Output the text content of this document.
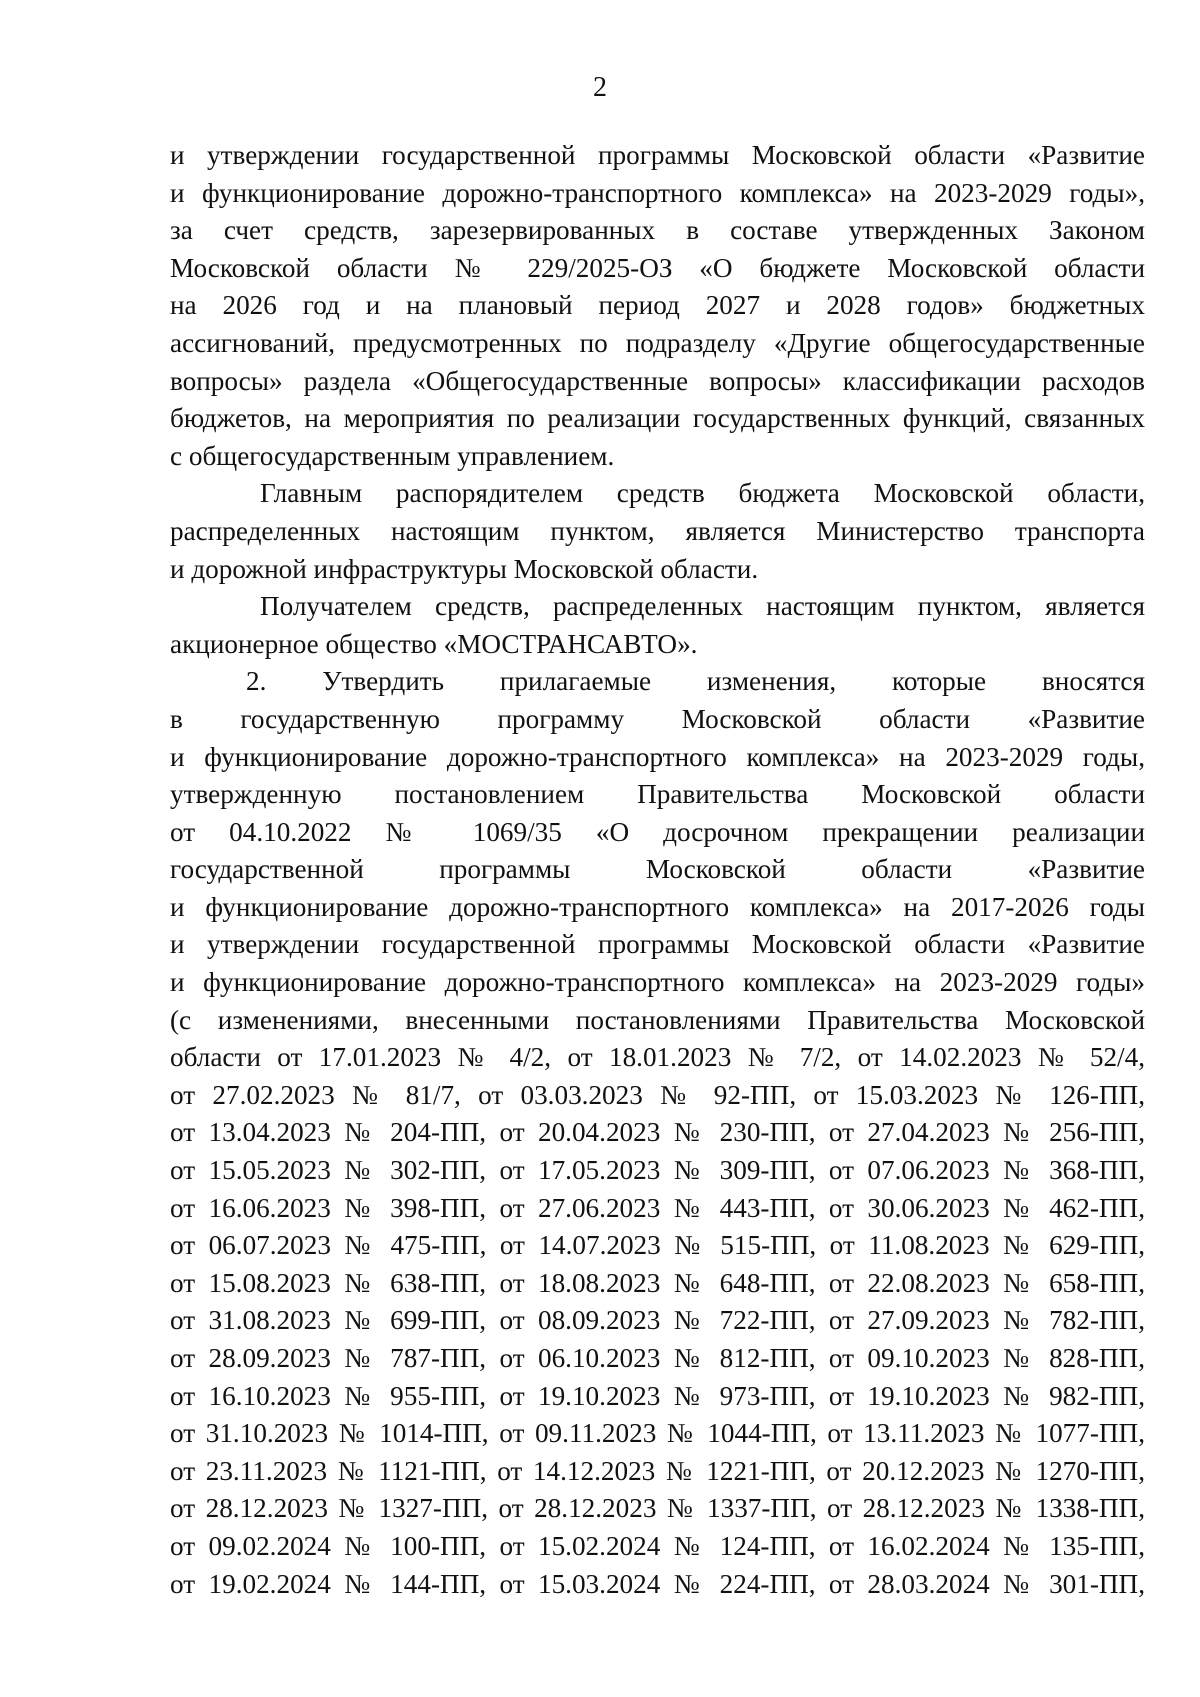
2
и утверждении государственной программы Московской области «Развитие
и функционирование дорожно-транспортного комплекса» на 2023-2029 годы»,
за счет средств, зарезервированных в составе утвержденных Законом
Московской области № 229/2025-ОЗ «О бюджете Московской области
на 2026 год и на плановый период 2027 и 2028 годов» бюджетных
ассигнований, предусмотренных по подразделу «Другие общегосударственные
вопросы» раздела «Общегосударственные вопросы» классификации расходов
бюджетов, на мероприятия по реализации государственных функций, связанных
с общегосударственным управлением.
Главным распорядителем средств бюджета Московской области,
распределенных настоящим пунктом, является Министерство транспорта
и дорожной инфраструктуры Московской области.
Получателем средств, распределенных настоящим пунктом, является
акционерное общество «МОСТРАНСАВТО».
2. Утвердить прилагаемые изменения, которые вносятся
в государственную программу Московской области «Развитие
и функционирование дорожно-транспортного комплекса» на 2023-2029 годы,
утвержденную постановлением Правительства Московской области
от 04.10.2022 № 1069/35 «О досрочном прекращении реализации
государственной программы Московской области «Развитие
и функционирование дорожно-транспортного комплекса» на 2017-2026 годы
и утверждении государственной программы Московской области «Развитие
и функционирование дорожно-транспортного комплекса» на 2023-2029 годы»
(с изменениями, внесенными постановлениями Правительства Московской
области от 17.01.2023 № 4/2, от 18.01.2023 № 7/2, от 14.02.2023 № 52/4,
от 27.02.2023 № 81/7, от 03.03.2023 № 92-ПП, от 15.03.2023 № 126-ПП,
от 13.04.2023 № 204-ПП, от 20.04.2023 № 230-ПП, от 27.04.2023 № 256-ПП,
от 15.05.2023 № 302-ПП, от 17.05.2023 № 309-ПП, от 07.06.2023 № 368-ПП,
от 16.06.2023 № 398-ПП, от 27.06.2023 № 443-ПП, от 30.06.2023 № 462-ПП,
от 06.07.2023 № 475-ПП, от 14.07.2023 № 515-ПП, от 11.08.2023 № 629-ПП,
от 15.08.2023 № 638-ПП, от 18.08.2023 № 648-ПП, от 22.08.2023 № 658-ПП,
от 31.08.2023 № 699-ПП, от 08.09.2023 № 722-ПП, от 27.09.2023 № 782-ПП,
от 28.09.2023 № 787-ПП, от 06.10.2023 № 812-ПП, от 09.10.2023 № 828-ПП,
от 16.10.2023 № 955-ПП, от 19.10.2023 № 973-ПП, от 19.10.2023 № 982-ПП,
от 31.10.2023 № 1014-ПП, от 09.11.2023 № 1044-ПП, от 13.11.2023 № 1077-ПП,
от 23.11.2023 № 1121-ПП, от 14.12.2023 № 1221-ПП, от 20.12.2023 № 1270-ПП,
от 28.12.2023 № 1327-ПП, от 28.12.2023 № 1337-ПП, от 28.12.2023 № 1338-ПП,
от 09.02.2024 № 100-ПП, от 15.02.2024 № 124-ПП, от 16.02.2024 № 135-ПП,
от 19.02.2024 № 144-ПП, от 15.03.2024 № 224-ПП, от 28.03.2024 № 301-ПП,
